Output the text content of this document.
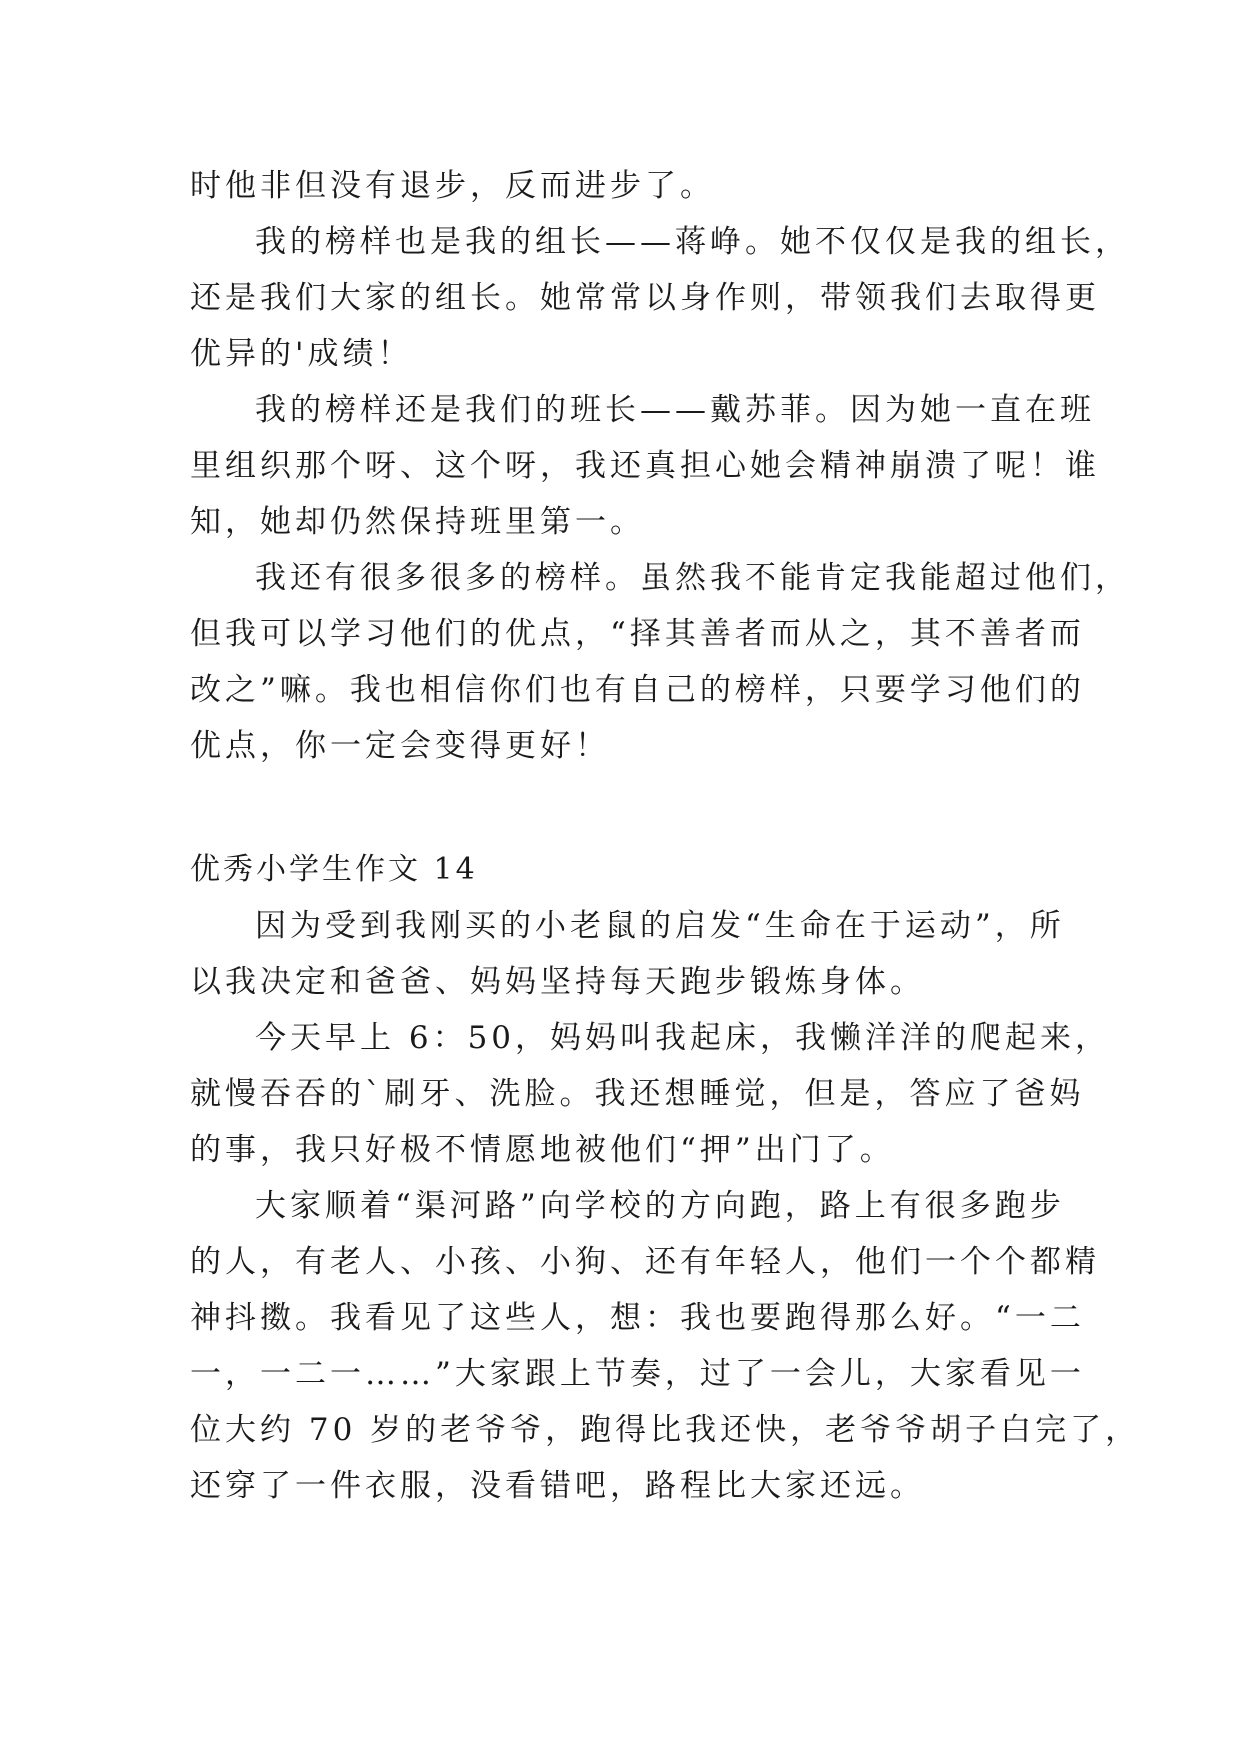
时他非但没有退步，反而进步了。
我的榜样也是我的组长——蒋峥。她不仅仅是我的组长，
还是我们大家的组长。她常常以身作则，带领我们去取得更
优异的'成绩！
我的榜样还是我们的班长——戴苏菲。因为她一直在班
里组织那个呀、这个呀，我还真担心她会精神崩溃了呢！谁
知，她却仍然保持班里第一。
我还有很多很多的榜样。虽然我不能肯定我能超过他们，
但我可以学习他们的优点，“择其善者而从之，其不善者而
改之”嘛。我也相信你们也有自己的榜样，只要学习他们的
优点，你一定会变得更好！
优秀小学生作文 14
因为受到我刚买的小老鼠的启发“生命在于运动”，所
以我决定和爸爸、妈妈坚持每天跑步锻炼身体。
今天早上 6：50，妈妈叫我起床，我懒洋洋的爬起来，
就慢吞吞的`刷牙、洗脸。我还想睡觉，但是，答应了爸妈
的事，我只好极不情愿地被他们“押”出门了。
大家顺着“渠河路”向学校的方向跑，路上有很多跑步
的人，有老人、小孩、小狗、还有年轻人，他们一个个都精
神抖擞。我看见了这些人，想：我也要跑得那么好。“一二
一，一二一……”大家跟上节奏，过了一会儿，大家看见一
位大约 70 岁的老爷爷，跑得比我还快，老爷爷胡子白完了，
还穿了一件衣服，没看错吧，路程比大家还远。
